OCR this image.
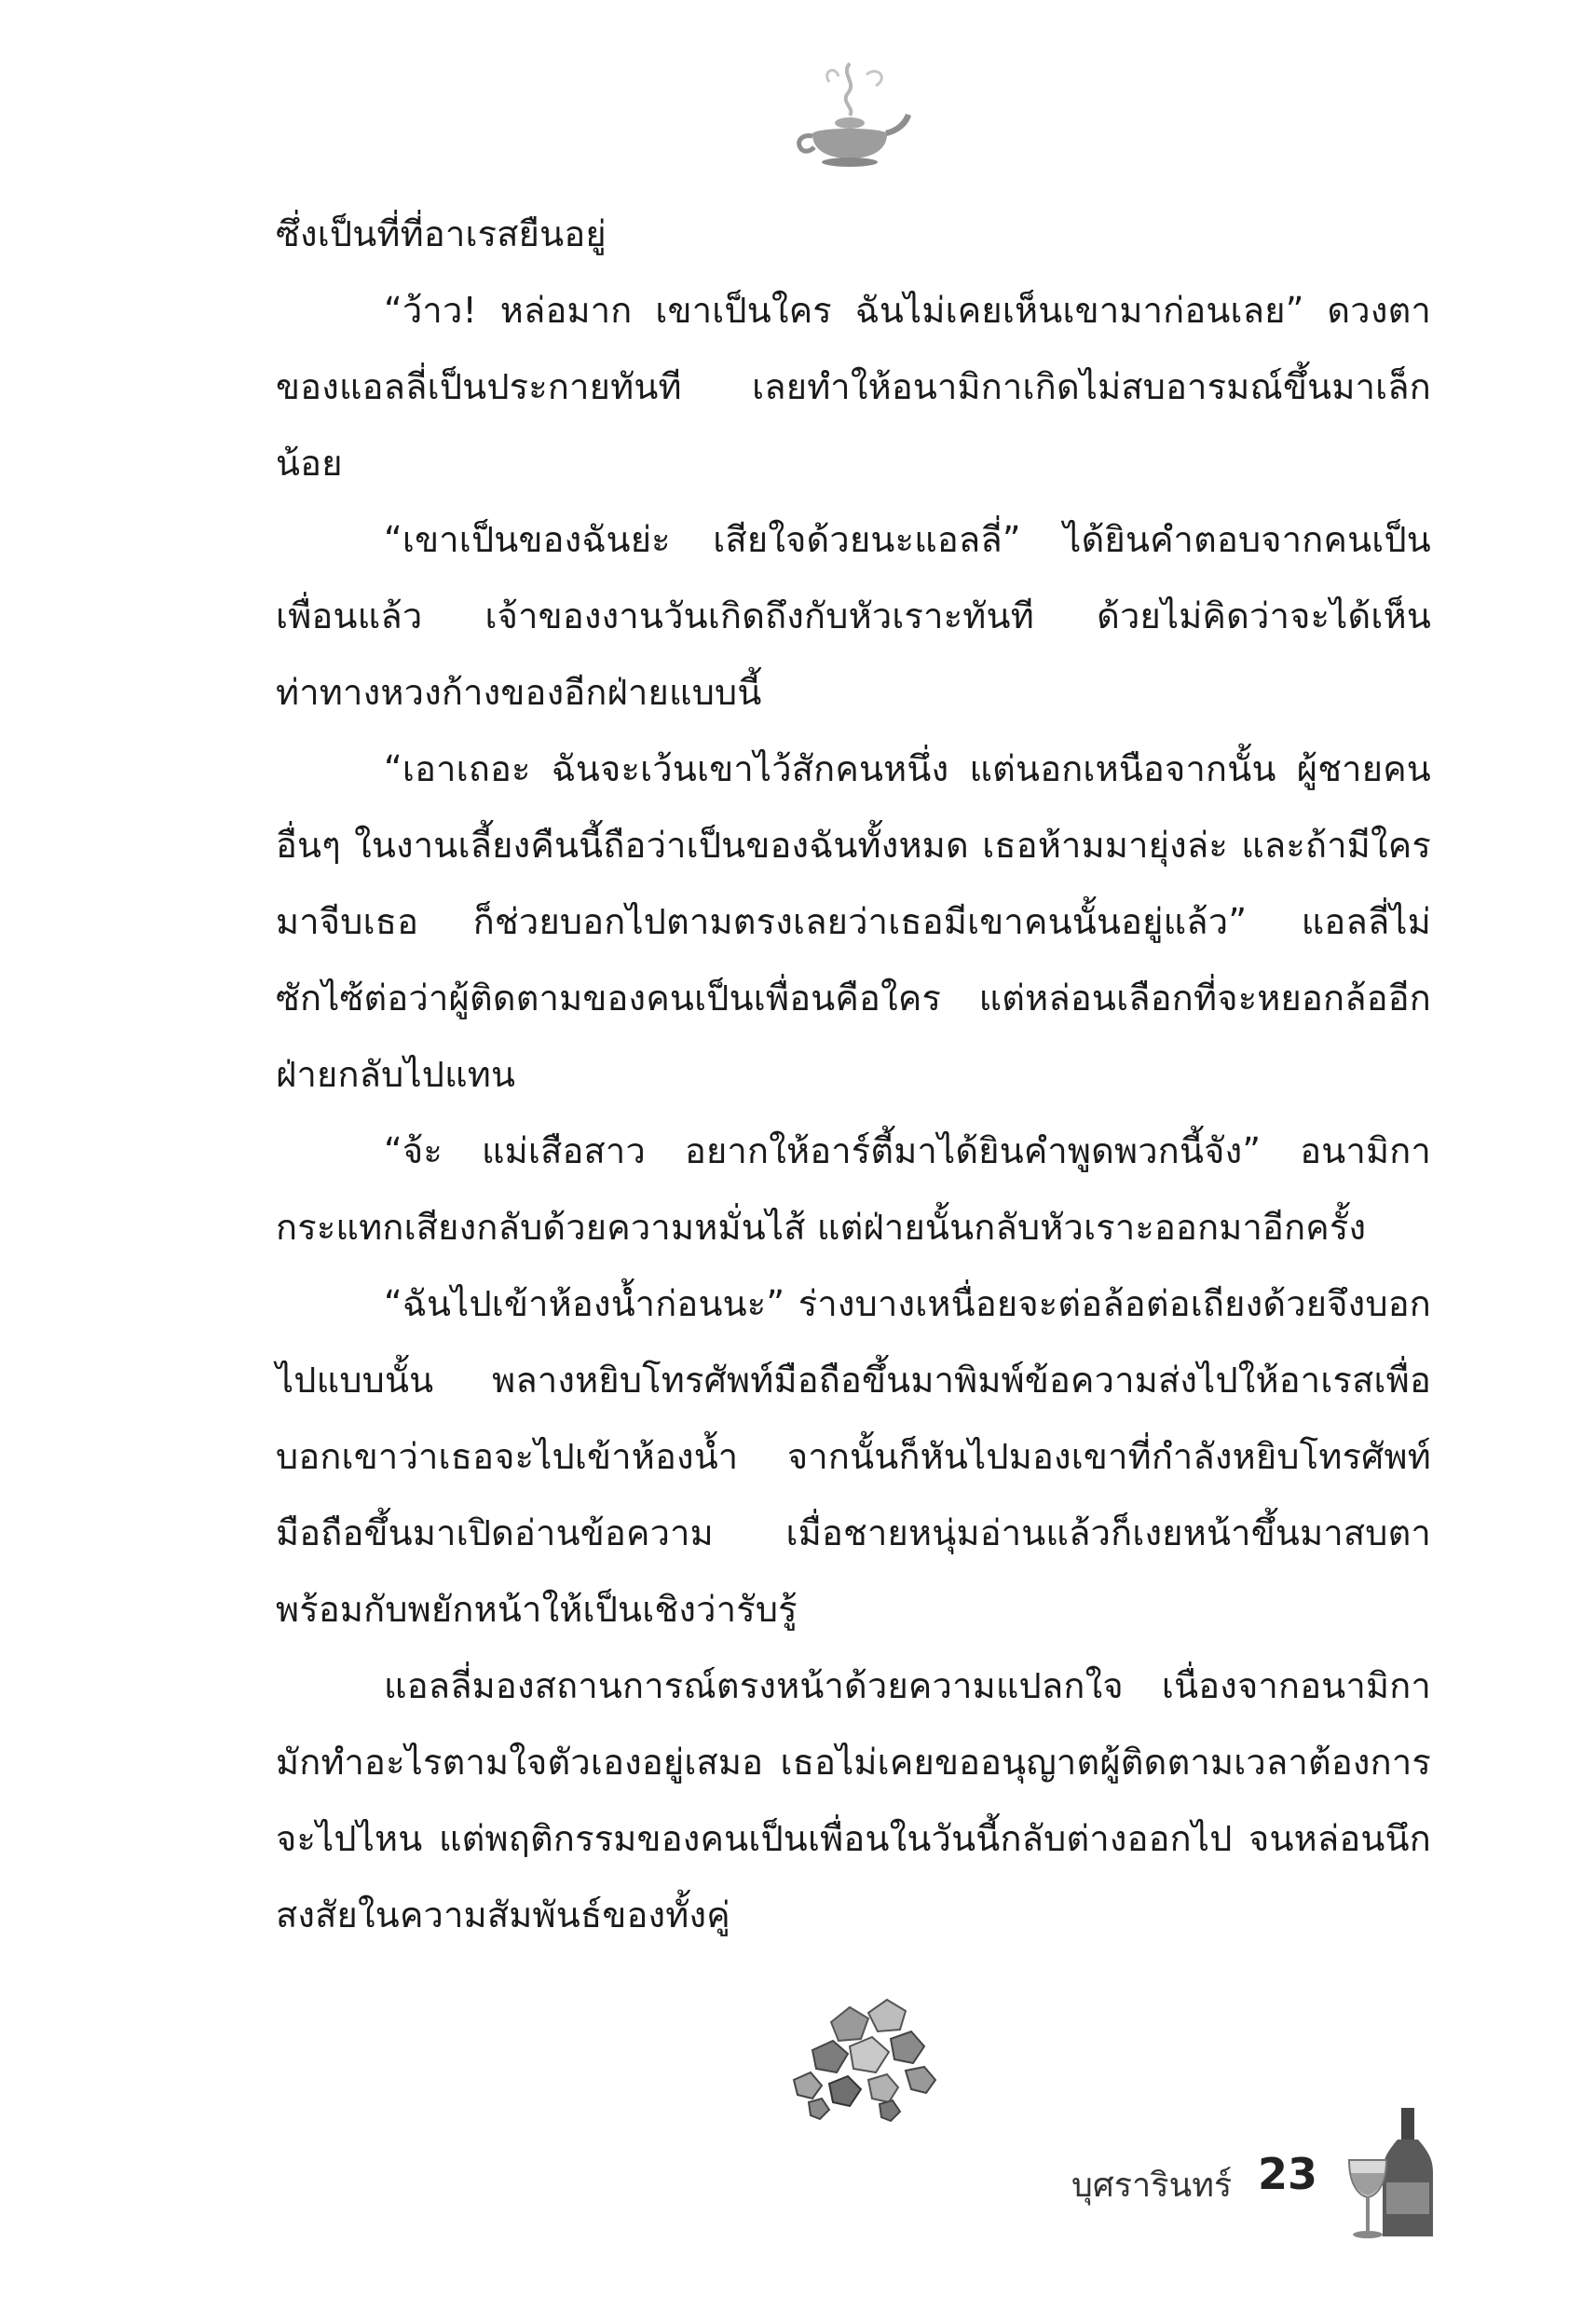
ซึ่งเป็นที่ที่อาเรสยืนอยู่

“ว้าว! หล่อมาก เขาเป็นใคร ฉันไม่เคยเห็นเขามาก่อนเลย” ดวงตาของแอลลี่เป็นประกายทันที เลยทำให้อนามิกาเกิดไม่สบอารมณ์ขึ้นมาเล็กน้อย

“เขาเป็นของฉันย่ะ เสียใจด้วยนะแอลลี่” ได้ยินคำตอบจากคนเป็นเพื่อนแล้ว เจ้าของงานวันเกิดถึงกับหัวเราะทันที ด้วยไม่คิดว่าจะได้เห็นท่าทางหวงก้างของอีกฝ่ายแบบนี้

“เอาเถอะ ฉันจะเว้นเขาไว้สักคนหนึ่ง แต่นอกเหนือจากนั้น ผู้ชายคนอื่นๆ ในงานเลี้ยงคืนนี้ถือว่าเป็นของฉันทั้งหมด เธอห้ามมายุ่งล่ะ และถ้ามีใครมาจีบเธอ ก็ช่วยบอกไปตามตรงเลยว่าเธอมีเขาคนนั้นอยู่แล้ว” แอลลี่ไม่ซักไซ้ต่อว่าผู้ติดตามของคนเป็นเพื่อนคือใคร แต่หล่อนเลือกที่จะหยอกล้ออีกฝ่ายกลับไปแทน

“จ้ะ แม่เสือสาว อยากให้อาร์ตี้มาได้ยินคำพูดพวกนี้จัง” อนามิกากระแทกเสียงกลับด้วยความหมั่นไส้ แต่ฝ่ายนั้นกลับหัวเราะออกมาอีกครั้ง

“ฉันไปเข้าห้องน้ำก่อนนะ” ร่างบางเหนื่อยจะต่อล้อต่อเถียงด้วยจึงบอกไปแบบนั้น พลางหยิบโทรศัพท์มือถือขึ้นมาพิมพ์ข้อความส่งไปให้อาเรสเพื่อบอกเขาว่าเธอจะไปเข้าห้องน้ำ จากนั้นก็หันไปมองเขาที่กำลังหยิบโทรศัพท์มือถือขึ้นมาเปิดอ่านข้อความ เมื่อชายหนุ่มอ่านแล้วก็เงยหน้าขึ้นมาสบตา พร้อมกับพยักหน้าให้เป็นเชิงว่ารับรู้

แอลลี่มองสถานการณ์ตรงหน้าด้วยความแปลกใจ เนื่องจากอนามิกามักทำอะไรตามใจตัวเองอยู่เสมอ เธอไม่เคยขออนุญาตผู้ติดตามเวลาต้องการจะไปไหน แต่พฤติกรรมของคนเป็นเพื่อนในวันนี้กลับต่างออกไป จนหล่อนนึกสงสัยในความสัมพันธ์ของทั้งคู่

บุศรารินทร์ 23
